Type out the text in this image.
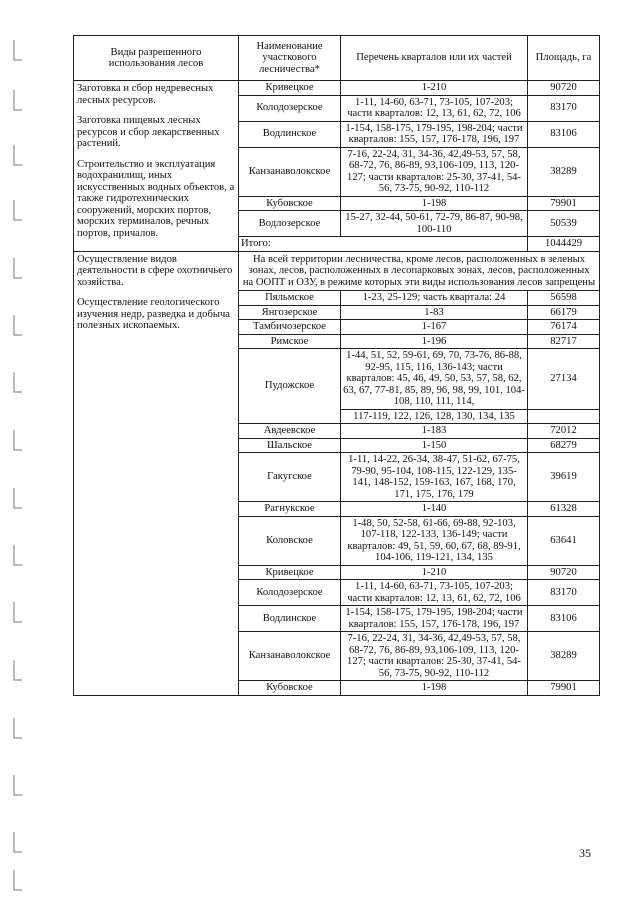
Виды разрешенного использования лесов	Наименование участкового лесничества*	Перечень кварталов или их частей	Площадь, га

Заготовка и сбор недревесных лесных ресурсов.

Заготовка пищевых лесных ресурсов и сбор лекарственных растений.

Строительство и эксплуатация водохранилищ, иных искусственных водных объектов, а также гидротехнических сооружений, морских портов, морских терминалов, речных портов, причалов.	Кривецкое	1-210	90720
	Колодозерское	1-11, 14-60, 63-71, 73-105, 107-203; части кварталов: 12, 13, 61, 62, 72, 106	83170
	Водлинское	1-154, 158-175, 179-195, 198-204; части кварталов: 155, 157, 176-178, 196, 197	83106
	Канзанаволокское	7-16, 22-24, 31, 34-36, 42,49-53, 57, 58, 68-72, 76, 86-89, 93,106-109, 113, 120-127; части кварталов: 25-30, 37-41, 54-56, 73-75, 90-92, 110-112	38289
	Кубовское	1-198	79901
	Водлозерское	15-27, 32-44, 50-61, 72-79, 86-87, 90-98, 100-110	50539
	Итого:		1044429

Осуществление видов деятельности в сфере охотничьего хозяйства.

Осуществление геологического изучения недр, разведка и добыча полезных ископаемых.	На всей территории лесничества, кроме лесов, расположенных в зеленых зонах, лесов, расположенных в лесопарковых зонах, лесов, расположенных на ООПТ и ОЗУ, в режиме которых эти виды использования лесов запрещены		
	Пяльмское	1-23, 25-129; часть квартала: 24	56598
	Янгозерское	1-83	66179
	Тамбичозерское	1-167	76174
	Римское	1-196	82717
	Пудожское	1-44, 51, 52, 59-61, 69, 70, 73-76, 86-88, 92-95, 115, 116, 136-143; части кварталов: 45, 46, 49, 50, 53, 57, 58, 62, 63, 67, 77-81, 85, 89, 96, 98, 99, 101, 104-108, 110, 111, 114,	27134
		117-119, 122, 126, 128, 130, 134, 135	
	Авдеевское	1-183	72012
	Шальское	1-150	68279
	Гакугское	1-11, 14-22, 26-34, 38-47, 51-62, 67-75, 79-90, 95-104, 108-115, 122-129, 135-141, 148-152, 159-163, 167, 168, 170, 171, 175, 176, 179	39619
	Рагнукское	1-140	61328
	Коловское	1-48, 50, 52-58, 61-66, 69-88, 92-103, 107-118, 122-133, 136-149; части кварталов: 49, 51, 59, 60, 67, 68, 89-91, 104-106, 119-121, 134, 135	63641
	Кривецкое	1-210	90720
	Колодозерское	1-11, 14-60, 63-71, 73-105, 107-203; части кварталов: 12, 13, 61, 62, 72, 106	83170
	Водлинское	1-154, 158-175, 179-195, 198-204; части кварталов: 155, 157, 176-178, 196, 197	83106
	Канзанаволокское	7-16, 22-24, 31, 34-36, 42,49-53, 57, 58, 68-72, 76, 86-89, 93,106-109, 113, 120-127; части кварталов: 25-30, 37-41, 54-56, 73-75, 90-92, 110-112	38289
	Кубовское	1-198	79901
35
